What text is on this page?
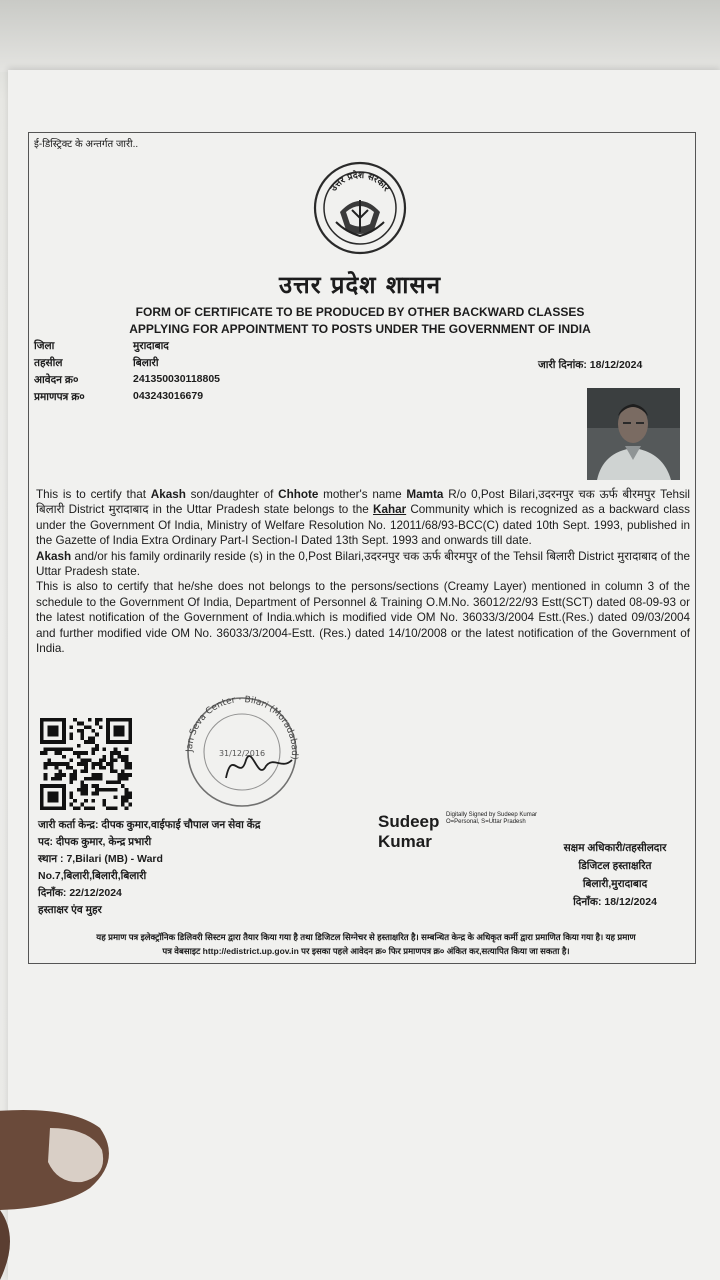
ई-डिस्ट्रिक्ट के अन्तर्गत जारी..
उत्तर प्रदेश सरकार
उत्तर प्रदेश शासन
FORM OF CERTIFICATE TO BE PRODUCED BY OTHER BACKWARD CLASSES
APPLYING FOR APPOINTMENT TO POSTS UNDER THE GOVERNMENT OF INDIA
जिला	मुरादाबाद
तहसील	बिलारी
आवेदन क्र०	241350030118805
प्रमाणपत्र क्र०	043243016679
जारी दिनांक: 18/12/2024
This is to certify that Akash son/daughter of Chhote mother's name Mamta R/o 0,Post Bilari,उदरनपुर चक ऊर्फ बीरमपुर Tehsil बिलारी District मुरादाबाद in the Uttar Pradesh state belongs to the Kahar Community which is recognized as a backward class under the Government Of India, Ministry of Welfare Resolution No. 12011/68/93-BCC(C) dated 10th Sept. 1993, published in the Gazette of India Extra Ordinary Part-I Section-I Dated 13th Sept. 1993 and onwards till date.
Akash and/or his family ordinarily reside (s) in the 0,Post Bilari,उदरनपुर चक ऊर्फ बीरमपुर of the Tehsil बिलारी District मुरादाबाद of the Uttar Pradesh state.
This is also to certify that he/she does not belongs to the persons/sections (Creamy Layer) mentioned in column 3 of the schedule to the Government Of India, Department of Personnel & Training O.M.No. 36012/22/93 Estt(SCT) dated 08-09-93 or the latest notification of the Government of India.which is modified vide OM No. 36033/3/2004 Estt.(Res.) dated 09/03/2004 and further modified vide OM No. 36033/3/2004-Estt. (Res.) dated 14/10/2008 or the latest notification of the Government of India.
Jan Seva Center · Bilari (Moradabad)
31/12/2016
जारी कर्ता केन्द्र: दीपक कुमार,वाईफाई चौपाल जन सेवा केंद्र
पद: दीपक कुमार, केन्द्र प्रभारी
स्थान : 7,Bilari (MB) - Ward
No.7,बिलारी,बिलारी,बिलारी
दिनाँक: 22/12/2024
हस्ताक्षर एंव मुहर
Sudeep
Kumar
Digitally Signed by Sudeep Kumar O=Personal, S=Uttar Pradesh
सक्षम अधिकारी/तहसीलदार
डिजिटल हस्ताक्षरित
बिलारी,मुरादाबाद
दिनाँक: 18/12/2024
यह प्रमाण पत्र इलेक्ट्रॉनिक डिलिवरी सिस्टम द्वारा तैयार किया गया है तथा डिजिटल सिग्नेचर से हस्ताक्षरित है। सम्बन्धित केन्द्र के अधिकृत कर्मी द्वारा प्रमाणित किया गया है। यह प्रमाण
पत्र वेबसाइट http://edistrict.up.gov.in पर इसका पहले आवेदन क्र० फिर प्रमाणपत्र क्र० अंकित कर,सत्यापित किया जा सकता है।
